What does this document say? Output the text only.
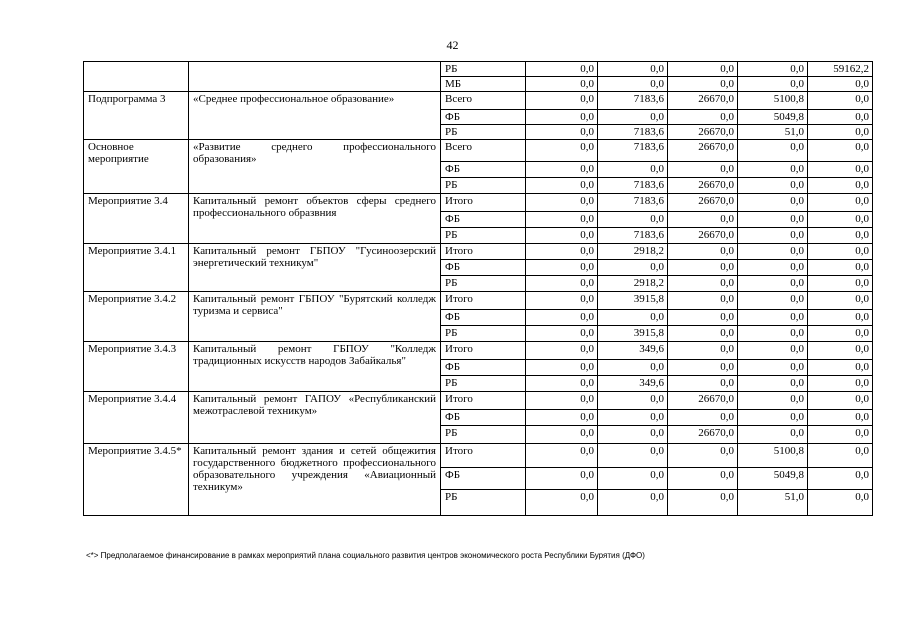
42
		РБ	0,0	0,0	0,0	0,0	59162,2
		МБ	0,0	0,0	0,0	0,0	0,0
Подпрограмма 3	«Среднее профессиональное образование»	Всего	0,0	7183,6	26670,0	5100,8	0,0
		ФБ	0,0	0,0	0,0	5049,8	0,0
		РБ	0,0	7183,6	26670,0	51,0	0,0
Основное мероприятие	«Развитие среднего профессионального образования»	Всего	0,0	7183,6	26670,0	0,0	0,0
		ФБ	0,0	0,0	0,0	0,0	0,0
		РБ	0,0	7183,6	26670,0	0,0	0,0
Мероприятие 3.4	Капитальный ремонт объектов сферы среднего профессионального образвния	Итого	0,0	7183,6	26670,0	0,0	0,0
		ФБ	0,0	0,0	0,0	0,0	0,0
		РБ	0,0	7183,6	26670,0	0,0	0,0
Мероприятие 3.4.1	Капитальный ремонт ГБПОУ "Гусиноозерский энергетический техникум"	Итого	0,0	2918,2	0,0	0,0	0,0
		ФБ	0,0	0,0	0,0	0,0	0,0
		РБ	0,0	2918,2	0,0	0,0	0,0
Мероприятие 3.4.2	Капитальный ремонт ГБПОУ "Бурятский колледж туризма и сервиса"	Итого	0,0	3915,8	0,0	0,0	0,0
		ФБ	0,0	0,0	0,0	0,0	0,0
		РБ	0,0	3915,8	0,0	0,0	0,0
Мероприятие 3.4.3	Капитальный ремонт ГБПОУ "Колледж традиционных искусств народов Забайкалья"	Итого	0,0	349,6	0,0	0,0	0,0
		ФБ	0,0	0,0	0,0	0,0	0,0
		РБ	0,0	349,6	0,0	0,0	0,0
Мероприятие 3.4.4	Капитальный ремонт ГАПОУ «Республиканский межотраслевой техникум»	Итого	0,0	0,0	26670,0	0,0	0,0
		ФБ	0,0	0,0	0,0	0,0	0,0
		РБ	0,0	0,0	26670,0	0,0	0,0
Мероприятие 3.4.5*	Капитальный ремонт здания и сетей общежития государственного бюджетного профессионального образовательного учреждения «Авиационный техникум»	Итого	0,0	0,0	0,0	5100,8	0,0
		ФБ	0,0	0,0	0,0	5049,8	0,0
		РБ	0,0	0,0	0,0	51,0	0,0
<*> Предполагаемое финансирование в рамках мероприятий плана социального развития центров экономического роста Республики Бурятия (ДФО)
